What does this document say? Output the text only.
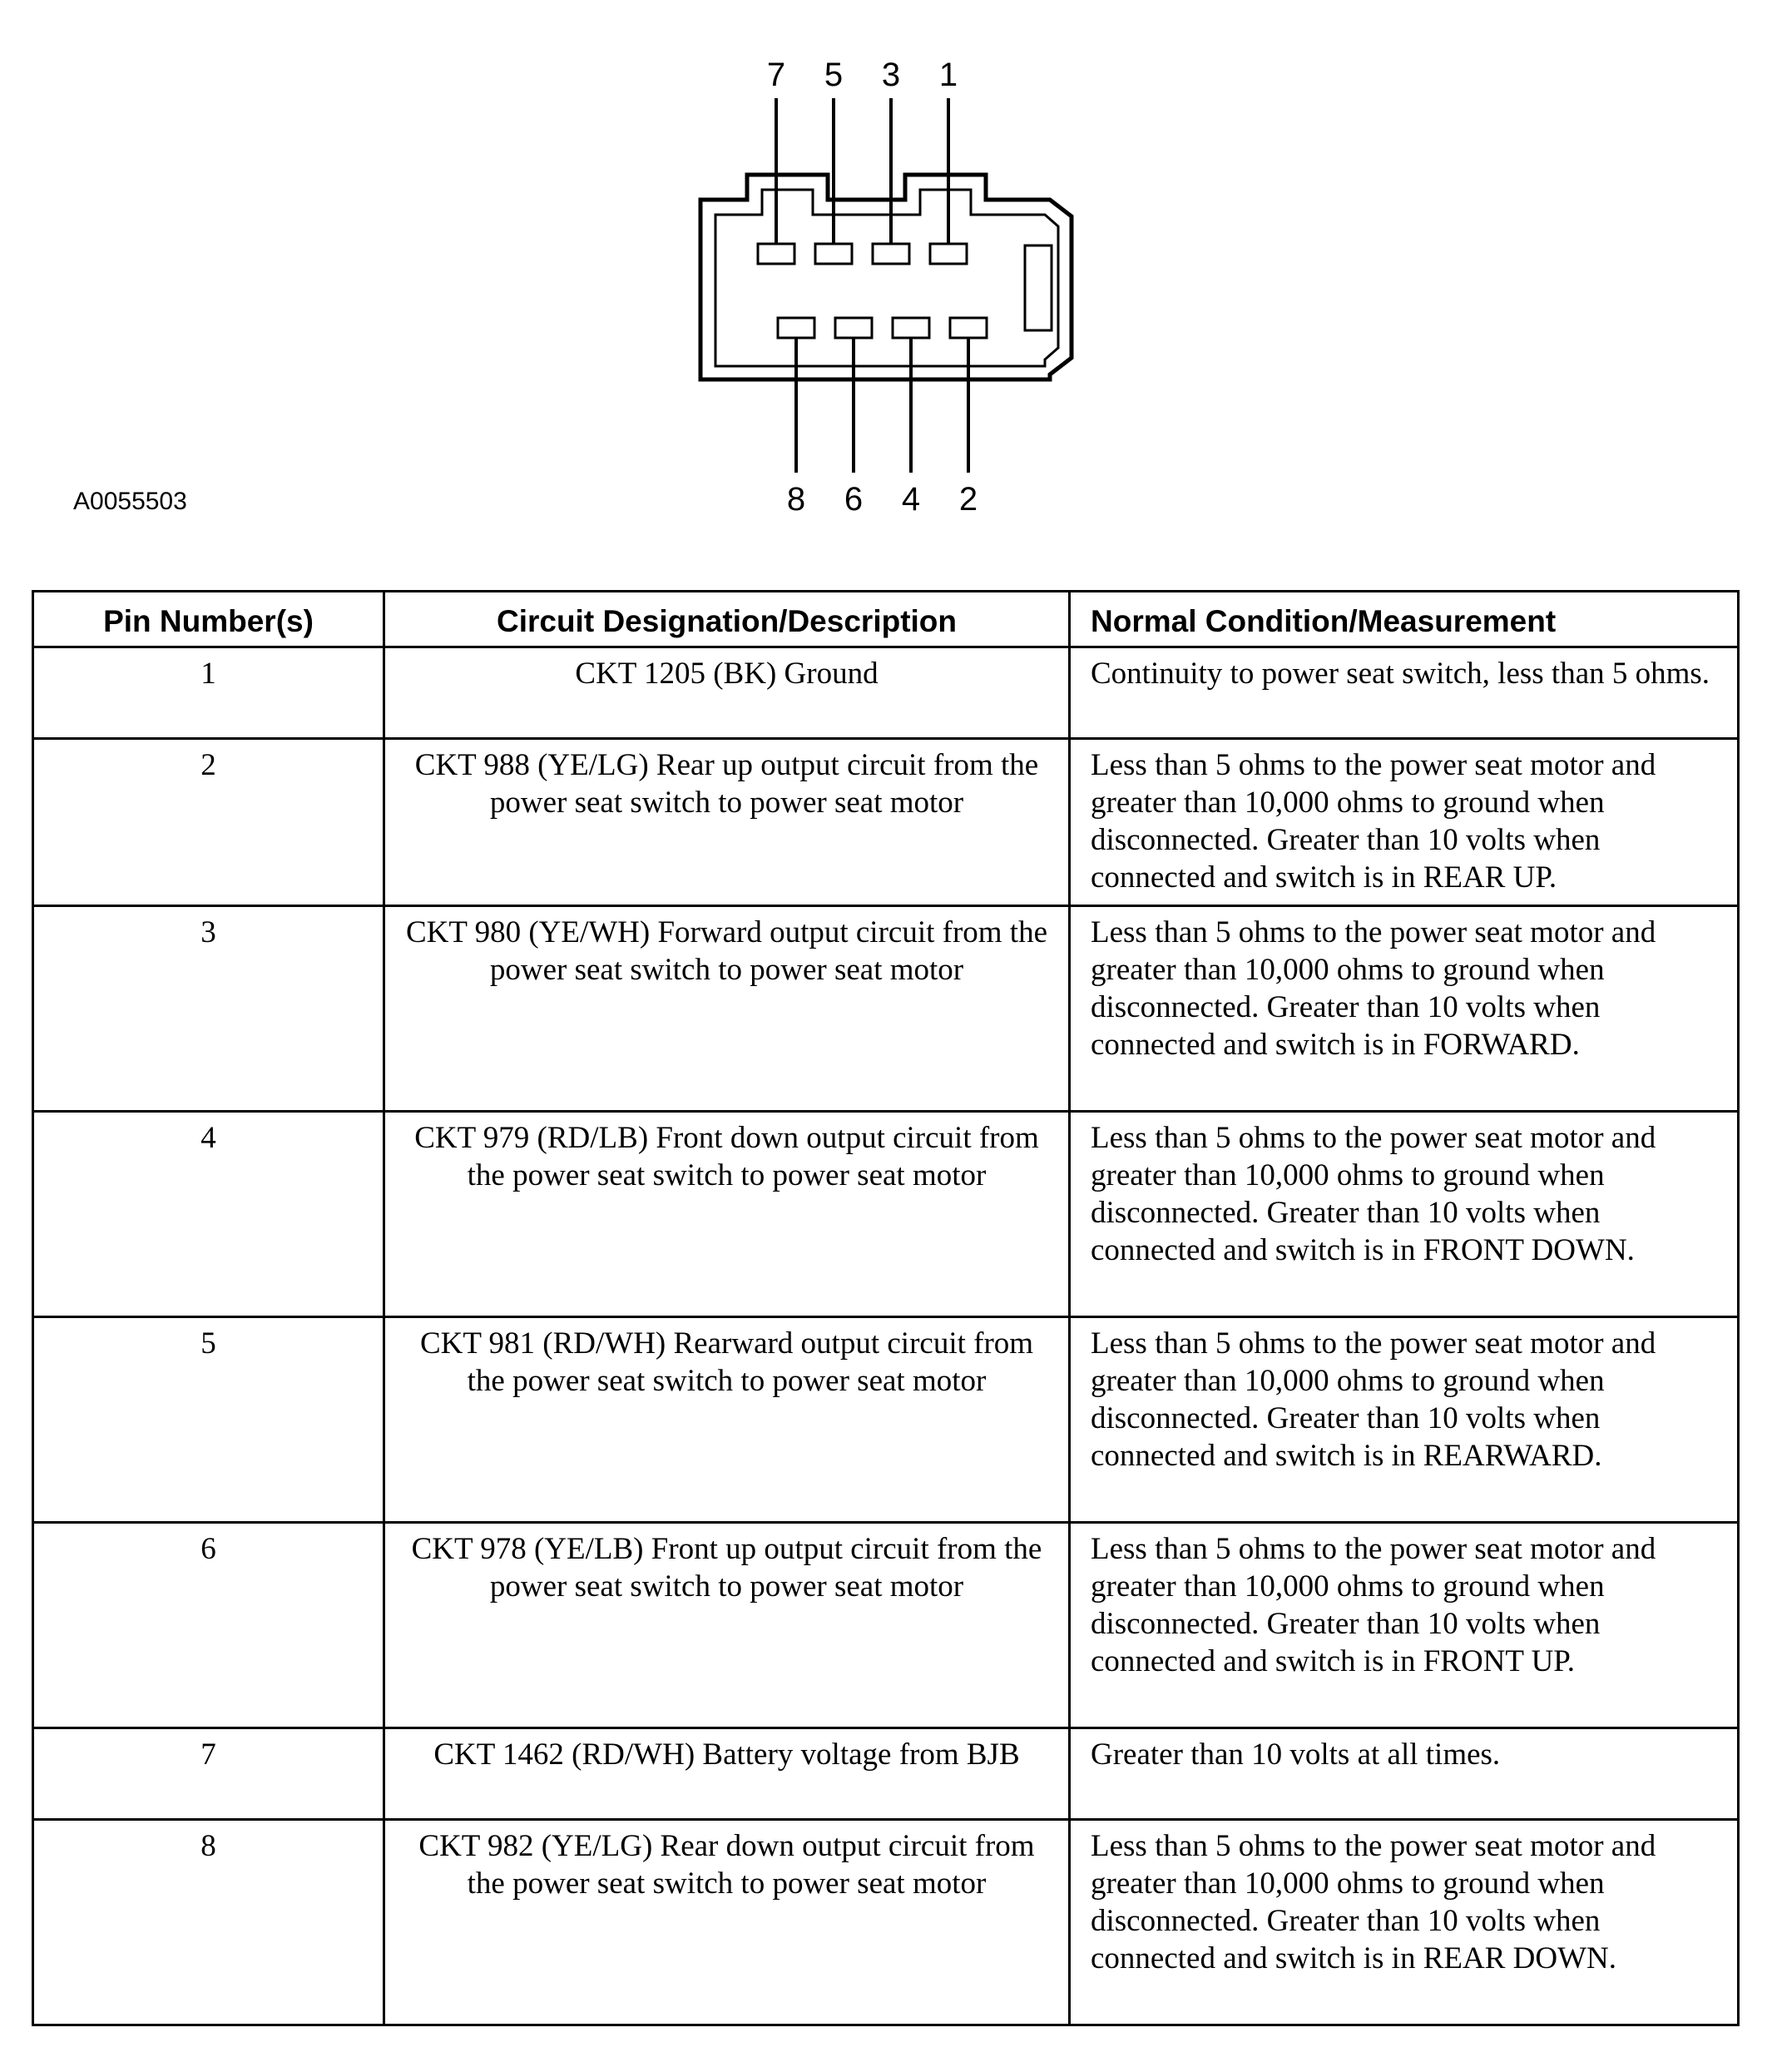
7 5 3 1
8 6 4 2
A0055503
Pin Number(s)	Circuit Designation/Description	Normal Condition/Measurement
1	CKT 1205 (BK) Ground	Continuity to power seat switch, less than 5 ohms.
2	CKT 988 (YE/LG) Rear up output circuit from the power seat switch to power seat motor	Less than 5 ohms to the power seat motor and greater than 10,000 ohms to ground when disconnected. Greater than 10 volts when connected and switch is in REAR UP.
3	CKT 980 (YE/WH) Forward output circuit from the power seat switch to power seat motor	Less than 5 ohms to the power seat motor and greater than 10,000 ohms to ground when disconnected. Greater than 10 volts when connected and switch is in FORWARD.
4	CKT 979 (RD/LB) Front down output circuit from the power seat switch to power seat motor	Less than 5 ohms to the power seat motor and greater than 10,000 ohms to ground when disconnected. Greater than 10 volts when connected and switch is in FRONT DOWN.
5	CKT 981 (RD/WH) Rearward output circuit from the power seat switch to power seat motor	Less than 5 ohms to the power seat motor and greater than 10,000 ohms to ground when disconnected. Greater than 10 volts when connected and switch is in REARWARD.
6	CKT 978 (YE/LB) Front up output circuit from the power seat switch to power seat motor	Less than 5 ohms to the power seat motor and greater than 10,000 ohms to ground when disconnected. Greater than 10 volts when connected and switch is in FRONT UP.
7	CKT 1462 (RD/WH) Battery voltage from BJB	Greater than 10 volts at all times.
8	CKT 982 (YE/LG) Rear down output circuit from the power seat switch to power seat motor	Less than 5 ohms to the power seat motor and greater than 10,000 ohms to ground when disconnected. Greater than 10 volts when connected and switch is in REAR DOWN.
